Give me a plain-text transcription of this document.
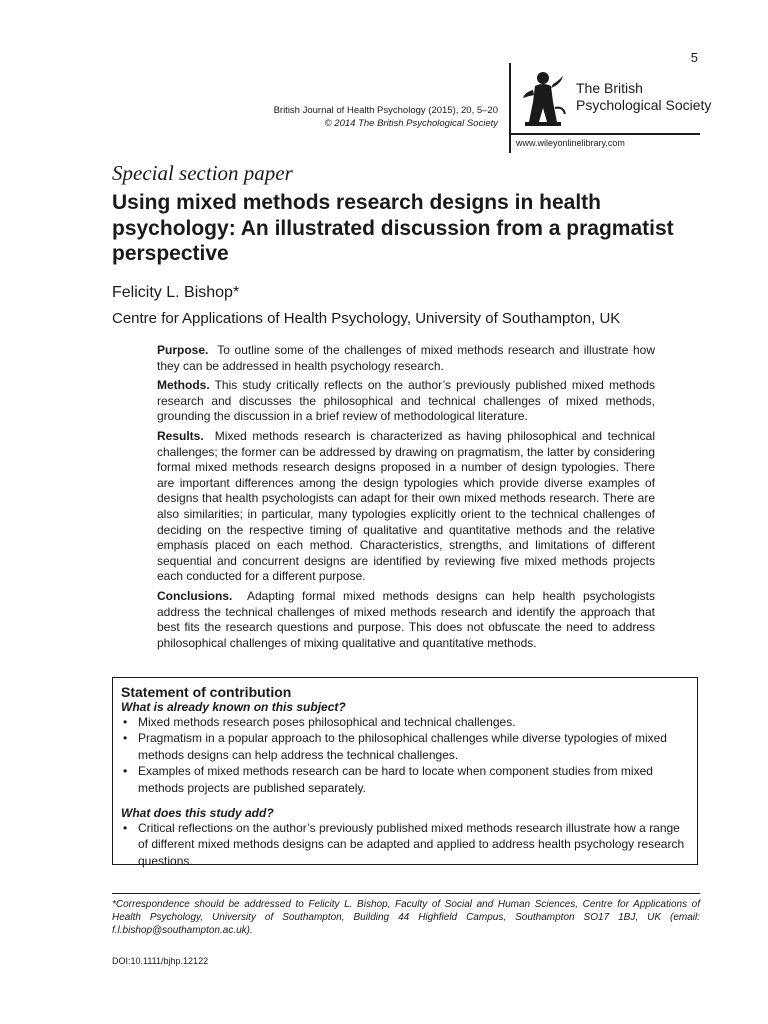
5
British Journal of Health Psychology (2015), 20, 5–20
© 2014 The British Psychological Society
The British
Psychological Society
www.wileyonlinelibrary.com
Special section paper
Using mixed methods research designs in health psychology: An illustrated discussion from a pragmatist perspective
Felicity L. Bishop*
Centre for Applications of Health Psychology, University of Southampton, UK

Purpose. To outline some of the challenges of mixed methods research and illustrate how they can be addressed in health psychology research.

Methods. This study critically reflects on the author’s previously published mixed methods research and discusses the philosophical and technical challenges of mixed methods, grounding the discussion in a brief review of methodological literature.

Results. Mixed methods research is characterized as having philosophical and technical challenges; the former can be addressed by drawing on pragmatism, the latter by considering formal mixed methods research designs proposed in a number of design typologies. There are important differences among the design typologies which provide diverse examples of designs that health psychologists can adapt for their own mixed methods research. There are also similarities; in particular, many typologies explicitly orient to the technical challenges of deciding on the respective timing of qualitative and quantitative methods and the relative emphasis placed on each method. Characteristics, strengths, and limitations of different sequential and concurrent designs are identified by reviewing five mixed methods projects each conducted for a different purpose.

Conclusions. Adapting formal mixed methods designs can help health psychologists address the technical challenges of mixed methods research and identify the approach that best fits the research questions and purpose. This does not obfuscate the need to address philosophical challenges of mixing qualitative and quantitative methods.

Statement of contribution

What is already known on this subject?

• Mixed methods research poses philosophical and technical challenges.
• Pragmatism in a popular approach to the philosophical challenges while diverse typologies of mixed methods designs can help address the technical challenges.
• Examples of mixed methods research can be hard to locate when component studies from mixed methods projects are published separately.

What does this study add?

• Critical reflections on the author’s previously published mixed methods research illustrate how a range of different mixed methods designs can be adapted and applied to address health psychology research questions.
*Correspondence should be addressed to Felicity L. Bishop, Faculty of Social and Human Sciences, Centre for Applications of Health Psychology, University of Southampton, Building 44 Highfield Campus, Southampton SO17 1BJ, UK (email: f.l.bishop@southampton.ac.uk).
DOI:10.1111/bjhp.12122
